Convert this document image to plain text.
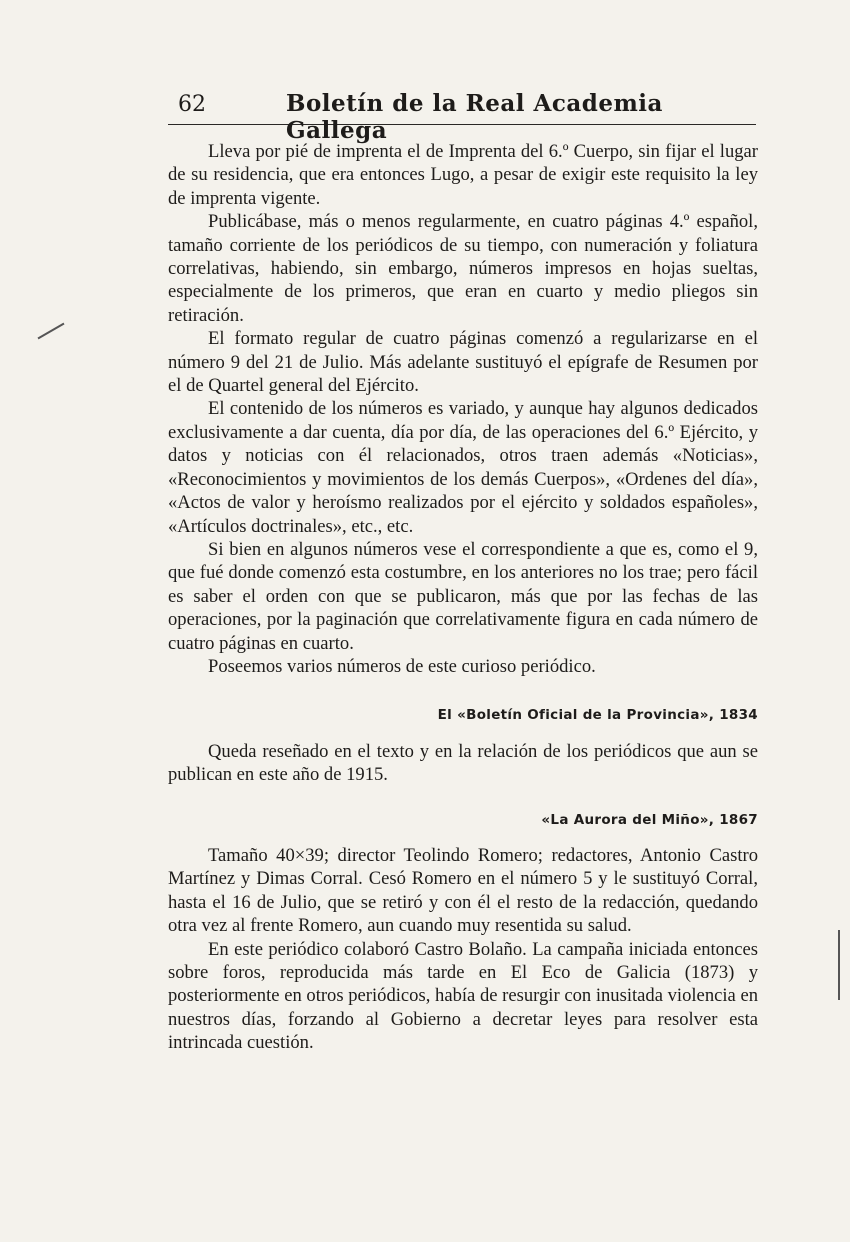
62	Boletín de la Real Academia Gallega

Lleva por pié de imprenta el de Imprenta del 6.º Cuerpo, sin fijar el lugar de su residencia, que era entonces Lugo, a pesar de exigir este requisito la ley de imprenta vigente.

Publicábase, más o menos regularmente, en cuatro páginas 4.º español, tamaño corriente de los periódicos de su tiempo, con numeración y foliatura correlativas, habiendo, sin embargo, números impresos en hojas sueltas, especialmente de los primeros, que eran en cuarto y medio pliegos sin retiración.

El formato regular de cuatro páginas comenzó a regularizarse en el número 9 del 21 de Julio. Más adelante sustituyó el epígrafe de Resumen por el de Quartel general del Ejército.

El contenido de los números es variado, y aunque hay algunos dedicados exclusivamente a dar cuenta, día por día, de las operaciones del 6.º Ejército, y datos y noticias con él relacionados, otros traen además «Noticias», «Reconocimientos y movimientos de los demás Cuerpos», «Ordenes del día», «Actos de valor y heroísmo realizados por el ejército y soldados españoles», «Artículos doctrinales», etc., etc.

Si bien en algunos números vese el correspondiente a que es, como el 9, que fué donde comenzó esta costumbre, en los anteriores no los trae; pero fácil es saber el orden con que se publicaron, más que por las fechas de las operaciones, por la paginación que correlativamente figura en cada número de cuatro páginas en cuarto.

Poseemos varios números de este curioso periódico.

El «Boletín Oficial de la Provincia», 1834

Queda reseñado en el texto y en la relación de los periódicos que aun se publican en este año de 1915.

«La Aurora del Miño», 1867

Tamaño 40×39; director Teolindo Romero; redactores, Antonio Castro Martínez y Dimas Corral. Cesó Romero en el número 5 y le sustituyó Corral, hasta el 16 de Julio, que se retiró y con él el resto de la redacción, quedando otra vez al frente Romero, aun cuando muy resentida su salud.

En este periódico colaboró Castro Bolaño. La campaña iniciada entonces sobre foros, reproducida más tarde en El Eco de Galicia (1873) y posteriormente en otros periódicos, había de resurgir con inusitada violencia en nuestros días, forzando al Gobierno a decretar leyes para resolver esta intrincada cuestión.
